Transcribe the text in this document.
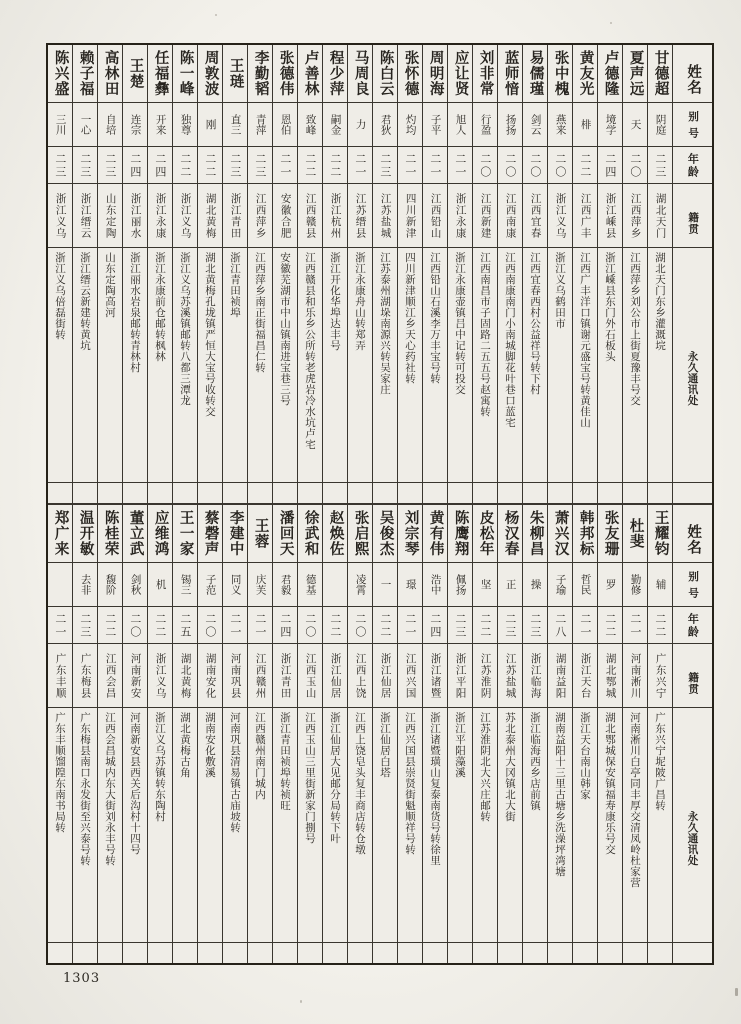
姓名
别号
年龄
籍贯
永久通讯处
甘德超
阴庭
二三
湖北天门
湖北天门东乡灌溉垸
夏声远
天
二〇
江西萍乡
江西萍乡刘公市上街夏豫丰号交
卢德隆
境学
二四
浙江嵊县
浙江嵊县东门外石板头
黄友光
棑
二二
江西广丰
江西广丰洋口镇谢元盛宝号转黄佳山
张中槐
燕来
二〇
浙江义乌
浙江义乌鹤田市
易儒瑾
剑云
二〇
江西宜春
江西宜春西村公益祥号转下村
蓝师愔
扬扬
二〇
江西南康
江西南康南门小南城脚花叶巷口蓝宅
刘非常
行盈
二〇
江西新建
江西南昌市子固路二五五号赵寓转
应让贤
旭人
二一
浙江永康
浙江永康壶镇吕中记转可投交
周明海
子平
二一
江西铅山
江西铅山石溪李万丰宝号转
张怀德
灼均
二一
四川新津
四川新津顺江乡天心药社转
陈白云
君狄
二三
江苏盐城
江苏泰州湖垛南源兴转吴家庄
马周良
力
二一
江苏缙县
浙江永康舟山转郑弄
程少萍
嗣金
二二
浙江杭州
浙江开化华埠达丰号
卢善林
致峰
二二
江西赣县
江西赣县和乐乡公所转老虎岩冷水坑卢宅
张德伟
恩伯
二一
安徽合肥
安徽芜湖市中山镇南进宝巷三号
李勤韬
青萍
二三
江西萍乡
江西萍乡南正街福昌仁转
王琏
直三
二三
浙江青田
浙江青田祯埠
周敦波
刚
二二
湖北黄梅
湖北黄梅孔垅镇严恒大宝号收转交
陈一峰
独尊
二二
浙江义乌
浙江义乌苏溪镇邮转八都三潭龙
任福彝
开来
二四
浙江永康
浙江永康前仓邮转枫林
王楚
连宗
二四
浙江丽水
浙江丽水岩泉邮转青林村
高林田
自培
二三
山东定陶
山东定陶高河
赖子福
一心
二三
浙江缙云
浙江缙云新建转黄坑
陈兴盛
三川
二三
浙江义乌
浙江义乌倍磊街转
姓名
别号
年龄
籍贯
永久通讯处
王耀钧
辅
二二
广东兴宁
广东兴宁坭陂广昌转
杜斐
勤修
二一
河南淅川
河南淅川白亭同丰厚交清凤岭杜家营
张友珊
罗
二二
湖北鄂城
湖北鄂城保安镇福寿康乐号交
韩邦标
哲民
二一
浙江天台
浙江天台南山韩家
萧兴汉
子瑜
二八
湖南益阳
湖南益阳十三里古塘乡洗澡坪湾塘
朱柳昌
操
二三
浙江临海
浙江临海西乡店前镇
杨汉春
正
二三
江苏盐城
苏北泰州大冈镇北大街
皮松年
坚
二二
江苏淮阴
江苏淮阴北大兴庄邮转
陈鹰翔
佩扬
二三
浙江平阳
浙江平阳藻溪
黄有伟
浩中
二四
浙江诸暨
浙江诸暨璜山复泰南货号转徐里
刘宗琴
璟
二一
江西兴国
江西兴国县崇贤街魁顺祥号转
吴俊杰
一
二二
浙江仙居
浙江仙居白塔
张启熙
凌霄
二〇
江西上饶
江西上饶皂头复丰商店转仓墩
赵焕佐
二二
浙江仙居
浙江仙居大见邮分局转下叶
徐武和
德基
二〇
江西玉山
江西玉山三里街新家门捌号
潘回天
君毅
二四
浙江青田
浙江青田祯埠转祯旺
王蓉
庆芙
二一
江西赣州
江西赣州南门城内
李建中
同义
二一
河南巩县
河南巩县清易镇古庙坡转
蔡磬声
子范
二〇
湖南安化
湖南安化敷溪
王一家
锡三
二五
湖北黄梅
湖北黄梅古角
应维鸿
机
二二
浙江义乌
浙江义乌苏镇转东陶村
董立武
剑秋
二〇
河南新安
河南新安县西关后沟村十四号
陈桂荣
馥阶
二二
江西会昌
江西会昌城内东大街刘永丰号转
温开敏
去非
二三
广东梅县
广东梅县南口永发街至兴泰号转
郑广来
二一
广东丰顺
广东丰顺馏隍东南书局转
1303
